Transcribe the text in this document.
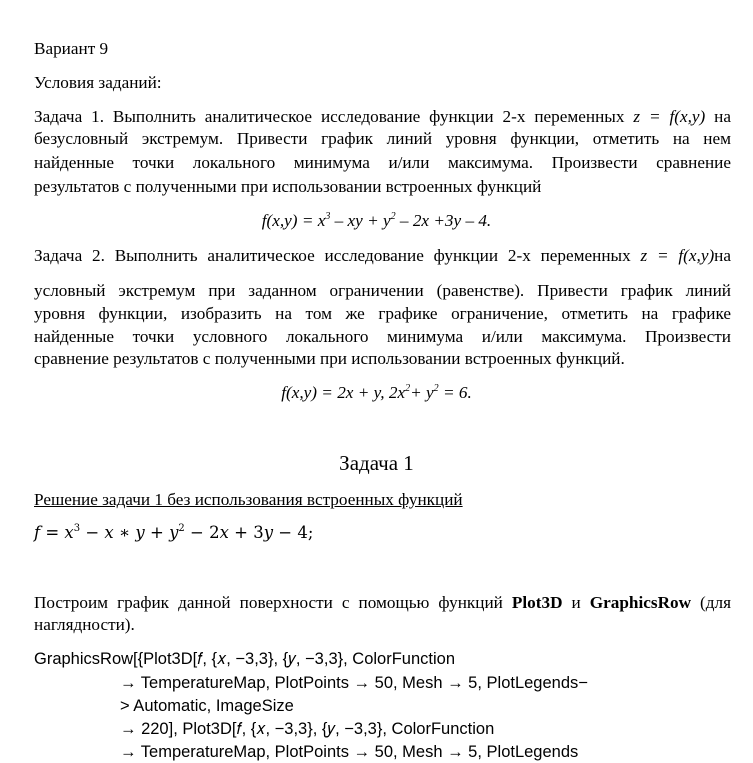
Вариант 9
Условия заданий:
Задача 1. Выполнить аналитическое исследование функции 2-х переменных z = f(x,y) на
безусловный экстремум. Привести график линий уровня функции, отметить на нем
найденные точки локального минимума и/или максимума. Произвести сравнение
результатов с полученными при использовании встроенных функций
$f(x,y) = x^3$ – xy + $y^2 - 2x +3y - 4$.
Задача 2. Выполнить аналитическое исследование функции 2-х переменных z = f(x,y)на
условный экстремум при заданном ограничении (равенстве). Привести график линий
уровня функции, изобразить на том же графике ограничение, отметить на графике
найденные точки условного локального минимума и/или максимума. Произвести
сравнение результатов с полученными при использовании встроенных функций.
f(x,y) = 2x + y, $2x^2+ y^2 = 6$.
Задача 1
Решение задачи 1 без использования встроенных функций
𝑓 = 𝑥$^3$ − 𝑥 ∗ 𝑦 + 𝑦$^2$ − 2𝑥 + 3𝑦 − 4;
Построим график данной поверхности с помощью функций Plot3D и GraphicsRow (для
наглядности).
GraphicsRow[{Plot3D[𝑓, {𝑥, −3,3}, {𝑦, −3,3}, ColorFunction
→ TemperatureMap, PlotPoints → 50, Mesh → 5, PlotLegends−
> Automatic, ImageSize
→ 220], Plot3D[𝑓, {𝑥, −3,3}, {𝑦, −3,3}, ColorFunction
→ TemperatureMap, PlotPoints → 50, Mesh → 5, PlotLegends
